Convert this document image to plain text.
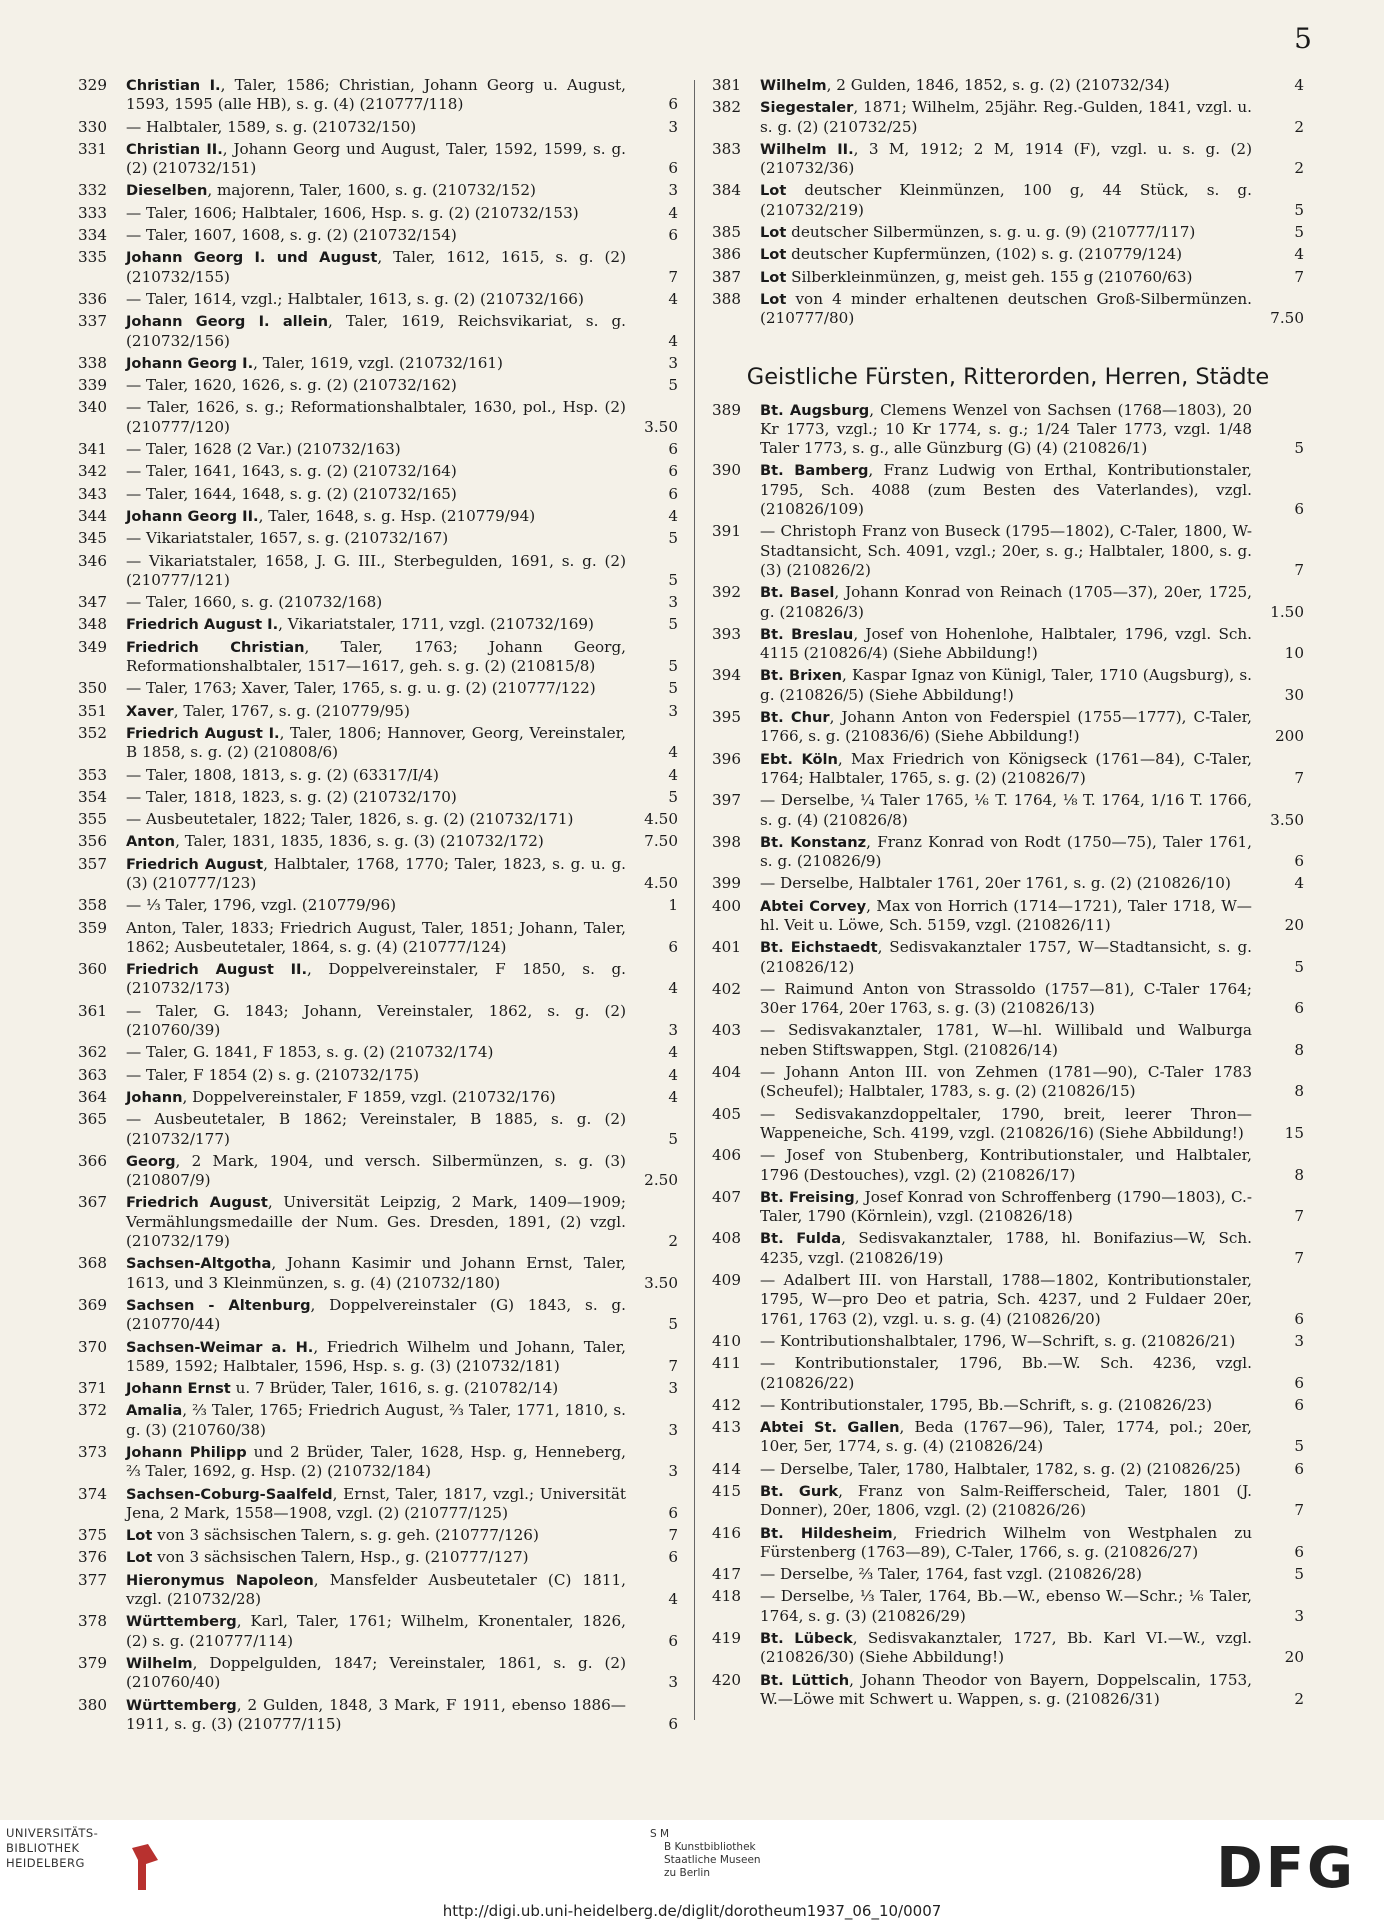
5
329	Christian I., Taler, 1586; Christian, Johann Georg u. August, 1593, 1595 (alle HB), s. g. (4) (210777/118)	6
330	— Halbtaler, 1589, s. g. (210732/150)	3
331	Christian II., Johann Georg und August, Taler, 1592, 1599, s. g. (2) (210732/151)	6
332	Dieselben, majorenn, Taler, 1600, s. g. (210732/152)	3
333	— Taler, 1606; Halbtaler, 1606, Hsp. s. g. (2) (210732/153)	4
334	— Taler, 1607, 1608, s. g. (2) (210732/154)	6
335	Johann Georg I. und August, Taler, 1612, 1615, s. g. (2) (210732/155)	7
336	— Taler, 1614, vzgl.; Halbtaler, 1613, s. g. (2) (210732/166)	4
337	Johann Georg I. allein, Taler, 1619, Reichsvikariat, s. g. (210732/156)	4
338	Johann Georg I., Taler, 1619, vzgl. (210732/161)	3
339	— Taler, 1620, 1626, s. g. (2) (210732/162)	5
340	— Taler, 1626, s. g.; Reformationshalbtaler, 1630, pol., Hsp. (2) (210777/120)	3.50
341	— Taler, 1628 (2 Var.) (210732/163)	6
342	— Taler, 1641, 1643, s. g. (2) (210732/164)	6
343	— Taler, 1644, 1648, s. g. (2) (210732/165)	6
344	Johann Georg II., Taler, 1648, s. g. Hsp. (210779/94)	4
345	— Vikariatstaler, 1657, s. g. (210732/167)	5
346	— Vikariatstaler, 1658, J. G. III., Sterbegulden, 1691, s. g. (2) (210777/121)	5
347	— Taler, 1660, s. g. (210732/168)	3
348	Friedrich August I., Vikariatstaler, 1711, vzgl. (210732/169)	5
349	Friedrich Christian, Taler, 1763; Johann Georg, Reformationshalbtaler, 1517—1617, geh. s. g. (2) (210815/8)	5
350	— Taler, 1763; Xaver, Taler, 1765, s. g. u. g. (2) (210777/122)	5
351	Xaver, Taler, 1767, s. g. (210779/95)	3
352	Friedrich August I., Taler, 1806; Hannover, Georg, Vereinstaler, B 1858, s. g. (2) (210808/6)	4
353	— Taler, 1808, 1813, s. g. (2) (63317/I/4)	4
354	— Taler, 1818, 1823, s. g. (2) (210732/170)	5
355	— Ausbeutetaler, 1822; Taler, 1826, s. g. (2) (210732/171)	4.50
356	Anton, Taler, 1831, 1835, 1836, s. g. (3) (210732/172)	7.50
357	Friedrich August, Halbtaler, 1768, 1770; Taler, 1823, s. g. u. g. (3) (210777/123)	4.50
358	— ⅓ Taler, 1796, vzgl. (210779/96)	1
359	Anton, Taler, 1833; Friedrich August, Taler, 1851; Johann, Taler, 1862; Ausbeutetaler, 1864, s. g. (4) (210777/124)	6
360	Friedrich August II., Doppelvereinstaler, F 1850, s. g. (210732/173)	4
361	— Taler, G. 1843; Johann, Vereinstaler, 1862, s. g. (2) (210760/39)	3
362	— Taler, G. 1841, F 1853, s. g. (2) (210732/174)	4
363	— Taler, F 1854 (2) s. g. (210732/175)	4
364	Johann, Doppelvereinstaler, F 1859, vzgl. (210732/176)	4
365	— Ausbeutetaler, B 1862; Vereinstaler, B 1885, s. g. (2) (210732/177)	5
366	Georg, 2 Mark, 1904, und versch. Silbermünzen, s. g. (3) (210807/9)	2.50
367	Friedrich August, Universität Leipzig, 2 Mark, 1409—1909; Vermählungsmedaille der Num. Ges. Dresden, 1891, (2) vzgl. (210732/179)	2
368	Sachsen-Altgotha, Johann Kasimir und Johann Ernst, Taler, 1613, und 3 Kleinmünzen, s. g. (4) (210732/180)	3.50
369	Sachsen - Altenburg, Doppelvereinstaler (G) 1843, s. g. (210770/44)	5
370	Sachsen-Weimar a. H., Friedrich Wilhelm und Johann, Taler, 1589, 1592; Halbtaler, 1596, Hsp. s. g. (3) (210732/181)	7
371	Johann Ernst u. 7 Brüder, Taler, 1616, s. g. (210782/14)	3
372	Amalia, ⅔ Taler, 1765; Friedrich August, ⅔ Taler, 1771, 1810, s. g. (3) (210760/38)	3
373	Johann Philipp und 2 Brüder, Taler, 1628, Hsp. g, Henneberg, ⅔ Taler, 1692, g. Hsp. (2) (210732/184)	3
374	Sachsen-Coburg-Saalfeld, Ernst, Taler, 1817, vzgl.; Universität Jena, 2 Mark, 1558—1908, vzgl. (2) (210777/125)	6
375	Lot von 3 sächsischen Talern, s. g. geh. (210777/126)	7
376	Lot von 3 sächsischen Talern, Hsp., g. (210777/127)	6
377	Hieronymus Napoleon, Mansfelder Ausbeutetaler (C) 1811, vzgl. (210732/28)	4
378	Württemberg, Karl, Taler, 1761; Wilhelm, Kronentaler, 1826, (2) s. g. (210777/114)	6
379	Wilhelm, Doppelgulden, 1847; Vereinstaler, 1861, s. g. (2) (210760/40)	3
380	Württemberg, 2 Gulden, 1848, 3 Mark, F 1911, ebenso 1886—1911, s. g. (3) (210777/115)	6
381	Wilhelm, 2 Gulden, 1846, 1852, s. g. (2) (210732/34)	4
382	Siegestaler, 1871; Wilhelm, 25jähr. Reg.-Gulden, 1841, vzgl. u. s. g. (2) (210732/25)	2
383	Wilhelm II., 3 M, 1912; 2 M, 1914 (F), vzgl. u. s. g. (2) (210732/36)	2
384	Lot deutscher Kleinmünzen, 100 g, 44 Stück, s. g. (210732/219)	5
385	Lot deutscher Silbermünzen, s. g. u. g. (9) (210777/117)	5
386	Lot deutscher Kupfermünzen, (102) s. g. (210779/124)	4
387	Lot Silberkleinmünzen, g, meist geh. 155 g (210760/63)	7
388	Lot von 4 minder erhaltenen deutschen Groß-Silbermünzen. (210777/80)	7.50
Geistliche Fürsten, Ritterorden, Herren, Städte
389	Bt. Augsburg, Clemens Wenzel von Sachsen (1768—1803), 20 Kr 1773, vzgl.; 10 Kr 1774, s. g.; 1/24 Taler 1773, vzgl. 1/48 Taler 1773, s. g., alle Günzburg (G) (4) (210826/1)	5
390	Bt. Bamberg, Franz Ludwig von Erthal, Kontributionstaler, 1795, Sch. 4088 (zum Besten des Vaterlandes), vzgl. (210826/109)	6
391	— Christoph Franz von Buseck (1795—1802), C-Taler, 1800, W-Stadtansicht, Sch. 4091, vzgl.; 20er, s. g.; Halbtaler, 1800, s. g. (3) (210826/2)	7
392	Bt. Basel, Johann Konrad von Reinach (1705—37), 20er, 1725, g. (210826/3)	1.50
393	Bt. Breslau, Josef von Hohenlohe, Halbtaler, 1796, vzgl. Sch. 4115 (210826/4) (Siehe Abbildung!)	10
394	Bt. Brixen, Kaspar Ignaz von Künigl, Taler, 1710 (Augsburg), s. g. (210826/5) (Siehe Abbildung!)	30
395	Bt. Chur, Johann Anton von Federspiel (1755—1777), C-Taler, 1766, s. g. (210836/6) (Siehe Abbildung!)	200
396	Ebt. Köln, Max Friedrich von Königseck (1761—84), C-Taler, 1764; Halbtaler, 1765, s. g. (2) (210826/7)	7
397	— Derselbe, ¼ Taler 1765, ⅙ T. 1764, ⅛ T. 1764, 1/16 T. 1766, s. g. (4) (210826/8)	3.50
398	Bt. Konstanz, Franz Konrad von Rodt (1750—75), Taler 1761, s. g. (210826/9)	6
399	— Derselbe, Halbtaler 1761, 20er 1761, s. g. (2) (210826/10)	4
400	Abtei Corvey, Max von Horrich (1714—1721), Taler 1718, W—hl. Veit u. Löwe, Sch. 5159, vzgl. (210826/11)	20
401	Bt. Eichstaedt, Sedisvakanztaler 1757, W—Stadtansicht, s. g. (210826/12)	5
402	— Raimund Anton von Strassoldo (1757—81), C-Taler 1764; 30er 1764, 20er 1763, s. g. (3) (210826/13)	6
403	— Sedisvakanztaler, 1781, W—hl. Willibald und Walburga neben Stiftswappen, Stgl. (210826/14)	8
404	— Johann Anton III. von Zehmen (1781—90), C-Taler 1783 (Scheufel); Halbtaler, 1783, s. g. (2) (210826/15)	8
405	— Sedisvakanzdoppeltaler, 1790, breit, leerer Thron—Wappeneiche, Sch. 4199, vzgl. (210826/16) (Siehe Abbildung!)	15
406	— Josef von Stubenberg, Kontributionstaler, und Halbtaler, 1796 (Destouches), vzgl. (2) (210826/17)	8
407	Bt. Freising, Josef Konrad von Schroffenberg (1790—1803), C.-Taler, 1790 (Körnlein), vzgl. (210826/18)	7
408	Bt. Fulda, Sedisvakanztaler, 1788, hl. Bonifazius—W, Sch. 4235, vzgl. (210826/19)	7
409	— Adalbert III. von Harstall, 1788—1802, Kontributionstaler, 1795, W—pro Deo et patria, Sch. 4237, und 2 Fuldaer 20er, 1761, 1763 (2), vzgl. u. s. g. (4) (210826/20)	6
410	— Kontributionshalbtaler, 1796, W—Schrift, s. g. (210826/21)	3
411	— Kontributionstaler, 1796, Bb.—W. Sch. 4236, vzgl. (210826/22)	6
412	— Kontributionstaler, 1795, Bb.—Schrift, s. g. (210826/23)	6
413	Abtei St. Gallen, Beda (1767—96), Taler, 1774, pol.; 20er, 10er, 5er, 1774, s. g. (4) (210826/24)	5
414	— Derselbe, Taler, 1780, Halbtaler, 1782, s. g. (2) (210826/25)	6
415	Bt. Gurk, Franz von Salm-Reifferscheid, Taler, 1801 (J. Donner), 20er, 1806, vzgl. (2) (210826/26)	7
416	Bt. Hildesheim, Friedrich Wilhelm von Westphalen zu Fürstenberg (1763—89), C-Taler, 1766, s. g. (210826/27)	6
417	— Derselbe, ⅔ Taler, 1764, fast vzgl. (210826/28)	5
418	— Derselbe, ⅓ Taler, 1764, Bb.—W., ebenso W.—Schr.; ⅙ Taler, 1764, s. g. (3) (210826/29)	3
419	Bt. Lübeck, Sedisvakanztaler, 1727, Bb. Karl VI.—W., vzgl. (210826/30) (Siehe Abbildung!)	20
420	Bt. Lüttich, Johann Theodor von Bayern, Doppelscalin, 1753, W.—Löwe mit Schwert u. Wappen, s. g. (210826/31)	2
UNIVERSITÄTS-
BIBLIOTHEK
HEIDELBERG
S M
B Kunstbibliothek
Staatliche Museen
zu Berlin	DFG
http://digi.ub.uni-heidelberg.de/diglit/dorotheum1937_06_10/0007
